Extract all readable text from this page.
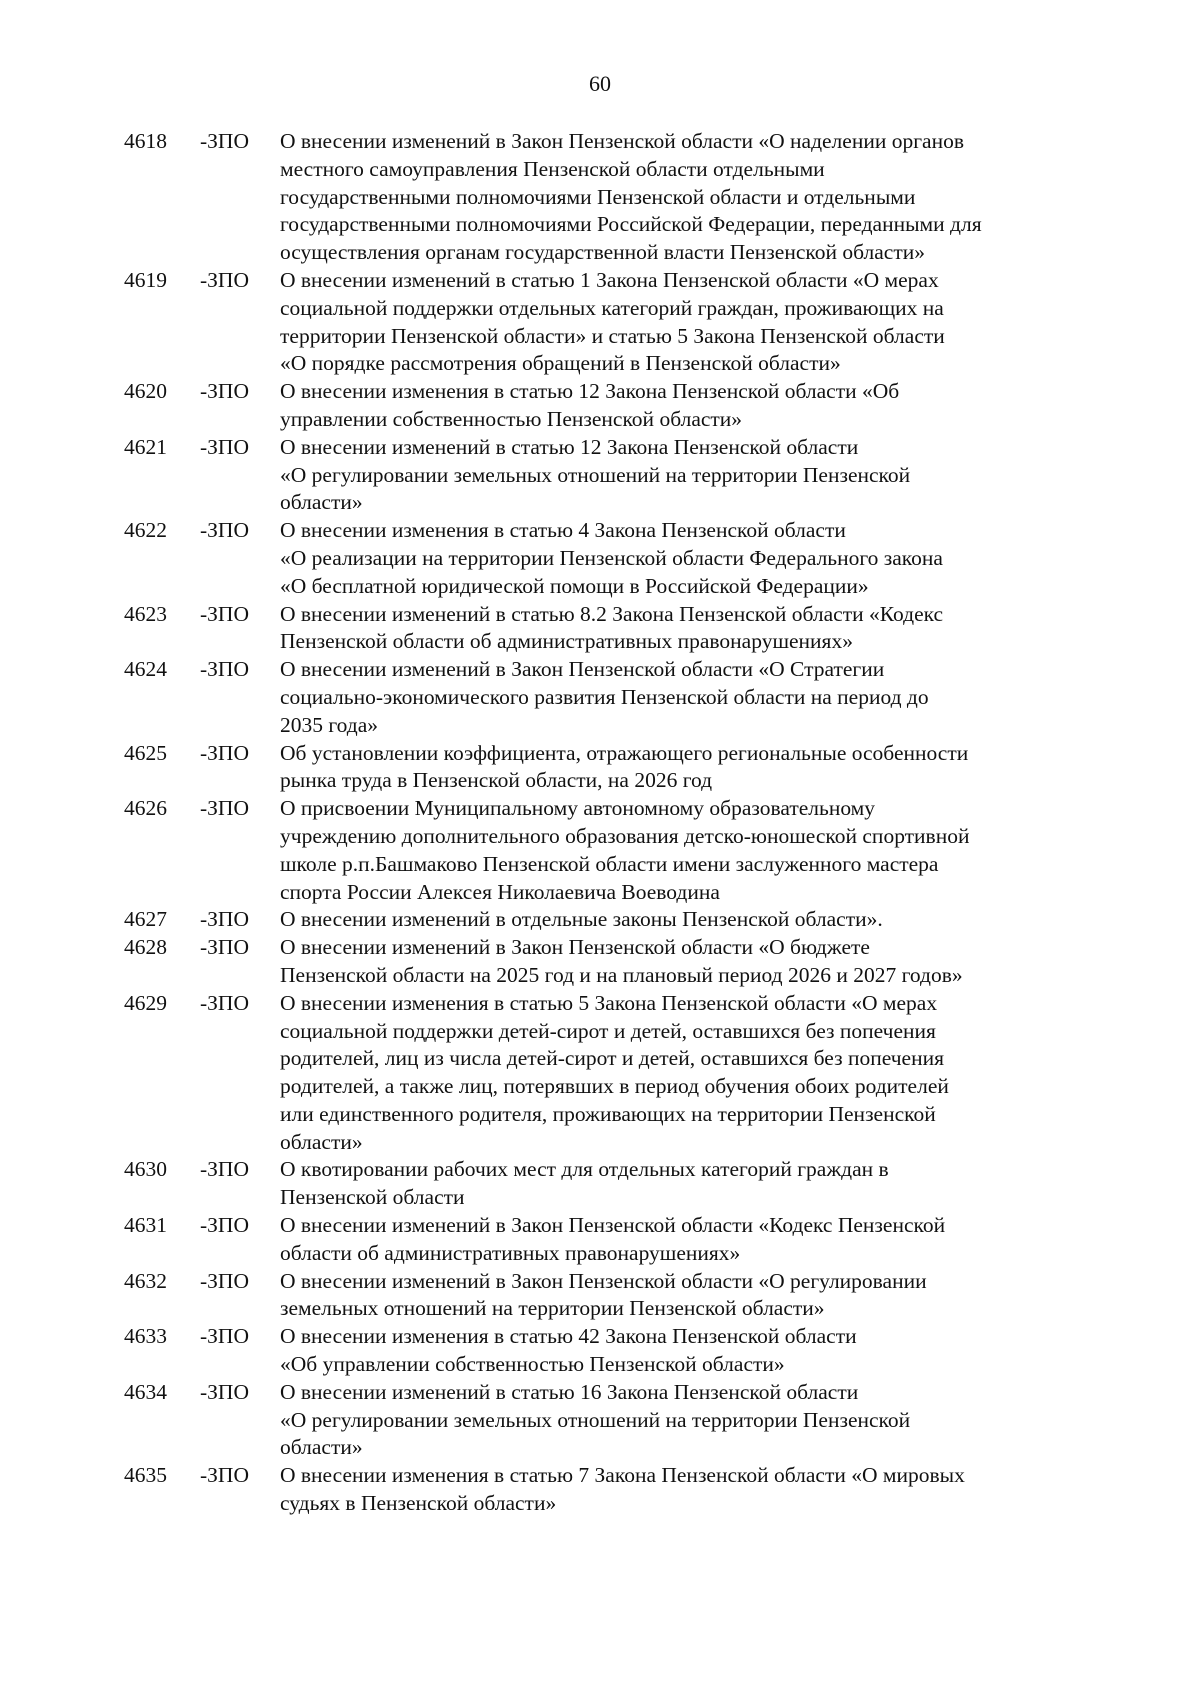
60
4618 -ЗПО О внесении изменений в Закон Пензенской области «О наделении органов
местного самоуправления Пензенской области отдельными
государственными полномочиями Пензенской области и отдельными
государственными полномочиями Российской Федерации, переданными для
осуществления органам государственной власти Пензенской области»
4619 -ЗПО О внесении изменений в статью 1 Закона Пензенской области «О мерах
социальной поддержки отдельных категорий граждан, проживающих на
территории Пензенской области» и статью 5 Закона Пензенской области
«О порядке рассмотрения обращений в Пензенской области»
4620 -ЗПО О внесении изменения в статью 12 Закона Пензенской области «Об
управлении собственностью Пензенской области»
4621 -ЗПО О внесении изменений в статью 12 Закона Пензенской области
«О регулировании земельных отношений на территории Пензенской
области»
4622 -ЗПО О внесении изменения в статью 4 Закона Пензенской области
«О реализации на территории Пензенской области Федерального закона
«О бесплатной юридической помощи в Российской Федерации»
4623 -ЗПО О внесении изменений в статью 8.2 Закона Пензенской области «Кодекс
Пензенской области об административных правонарушениях»
4624 -ЗПО О внесении изменений в Закон Пензенской области «О Стратегии
социально-экономического развития Пензенской области на период до
2035 года»
4625 -ЗПО Об установлении коэффициента, отражающего региональные особенности
рынка труда в Пензенской области, на 2026 год
4626 -ЗПО О присвоении Муниципальному автономному образовательному
учреждению дополнительного образования детско-юношеской спортивной
школе р.п.Башмаково Пензенской области имени заслуженного мастера
спорта России Алексея Николаевича Воеводина
4627 -ЗПО О внесении изменений в отдельные законы Пензенской области».
4628 -ЗПО О внесении изменений в Закон Пензенской области «О бюджете
Пензенской области на 2025 год и на плановый период 2026 и 2027 годов»
4629 -ЗПО О внесении изменения в статью 5 Закона Пензенской области «О мерах
социальной поддержки детей-сирот и детей, оставшихся без попечения
родителей, лиц из числа детей-сирот и детей, оставшихся без попечения
родителей, а также лиц, потерявших в период обучения обоих родителей
или единственного родителя, проживающих на территории Пензенской
области»
4630 -ЗПО О квотировании рабочих мест для отдельных категорий граждан в
Пензенской области
4631 -ЗПО О внесении изменений в Закон Пензенской области «Кодекс Пензенской
области об административных правонарушениях»
4632 -ЗПО О внесении изменений в Закон Пензенской области «О регулировании
земельных отношений на территории Пензенской области»
4633 -ЗПО О внесении изменения в статью 42 Закона Пензенской области
«Об управлении собственностью Пензенской области»
4634 -ЗПО О внесении изменений в статью 16 Закона Пензенской области
«О регулировании земельных отношений на территории Пензенской
области»
4635 -ЗПО О внесении изменения в статью 7 Закона Пензенской области «О мировых
судьях в Пензенской области»
